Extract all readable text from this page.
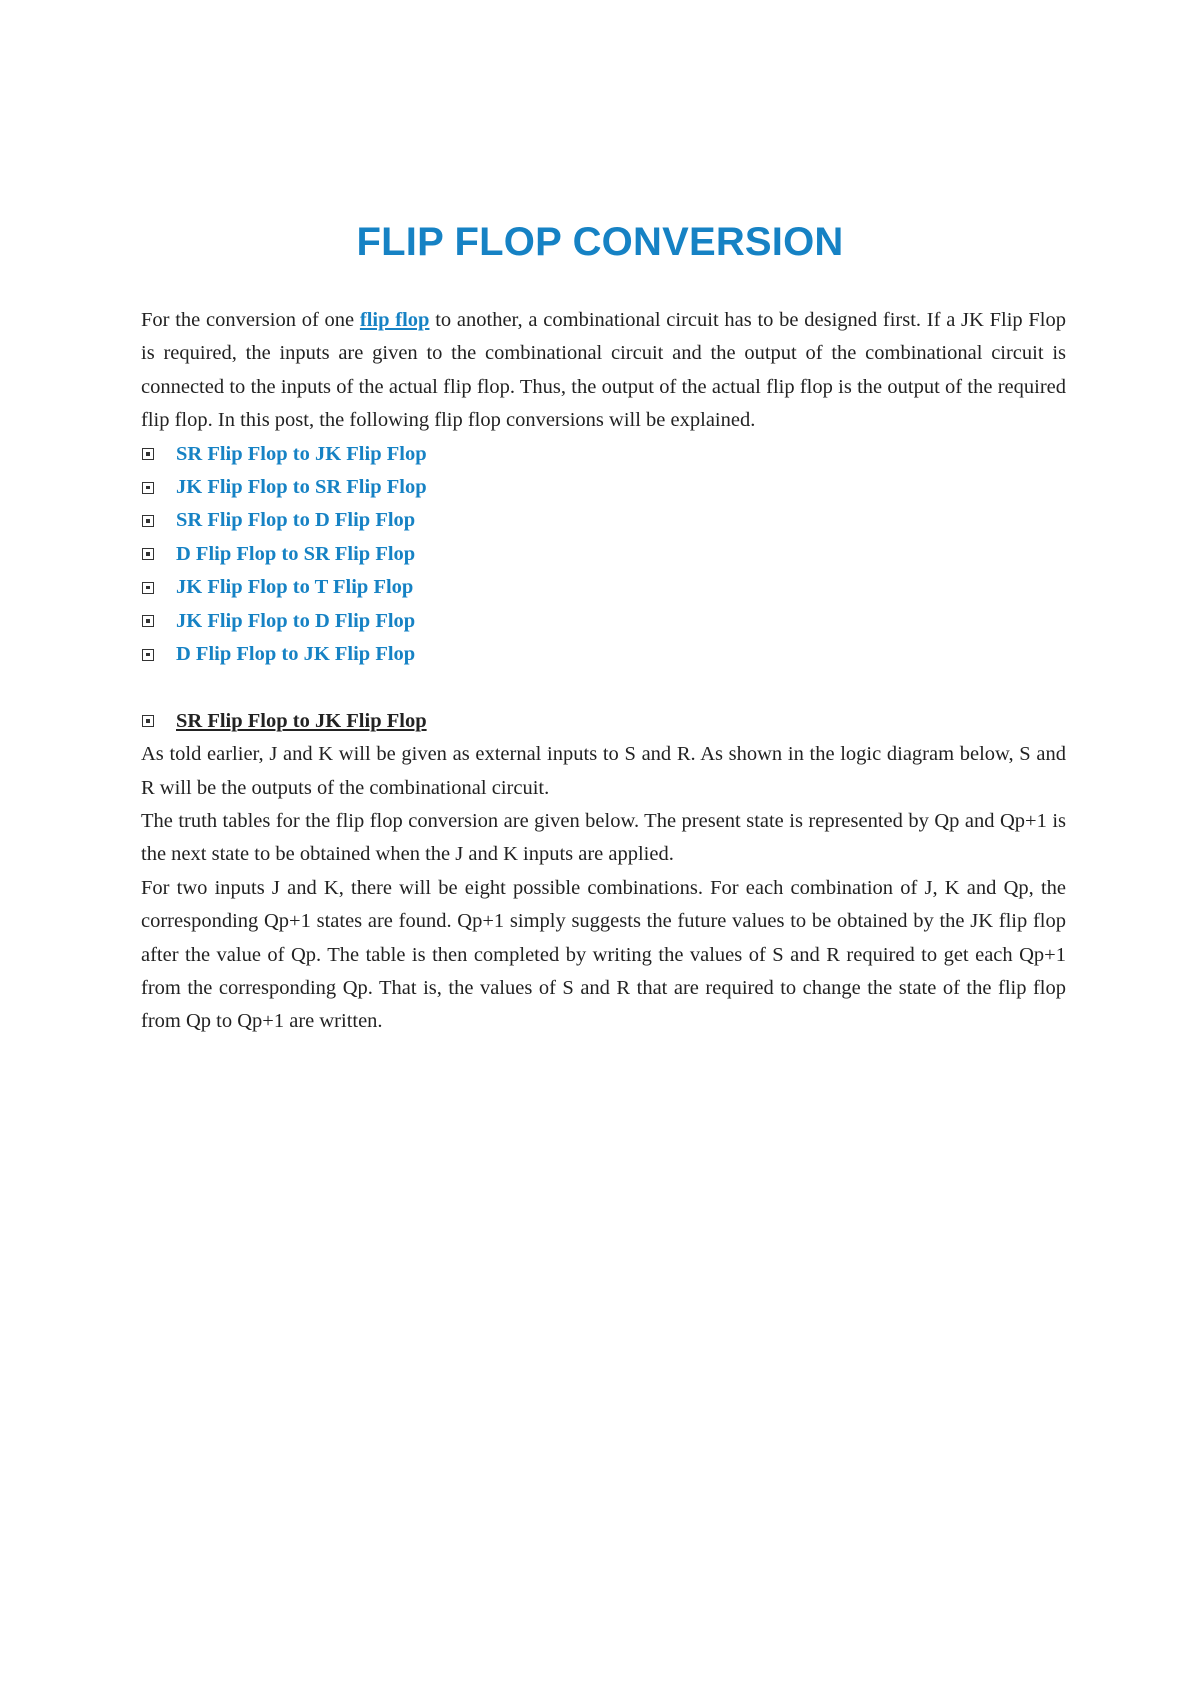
FLIP FLOP CONVERSION

For the conversion of one flip flop to another, a combinational circuit has to be designed first. If a JK Flip Flop is required, the inputs are given to the combinational circuit and the output of the combinational circuit is connected to the inputs of the actual flip flop. Thus, the output of the actual flip flop is the output of the required flip flop. In this post, the following flip flop conversions will be explained.

SR Flip Flop to JK Flip Flop
JK Flip Flop to SR Flip Flop
SR Flip Flop to D Flip Flop
D Flip Flop to SR Flip Flop
JK Flip Flop to T Flip Flop
JK Flip Flop to D Flip Flop
D Flip Flop to JK Flip Flop
SR Flip Flop to JK Flip Flop

As told earlier, J and K will be given as external inputs to S and R. As shown in the logic diagram below, S and R will be the outputs of the combinational circuit.

The truth tables for the flip flop conversion are given below. The present state is represented by Qp and Qp+1 is the next state to be obtained when the J and K inputs are applied.

For two inputs J and K, there will be eight possible combinations. For each combination of J, K and Qp, the corresponding Qp+1 states are found. Qp+1 simply suggests the future values to be obtained by the JK flip flop after the value of Qp. The table is then completed by writing the values of S and R required to get each Qp+1 from the corresponding Qp. That is, the values of S and R that are required to change the state of the flip flop from Qp to Qp+1 are written.
